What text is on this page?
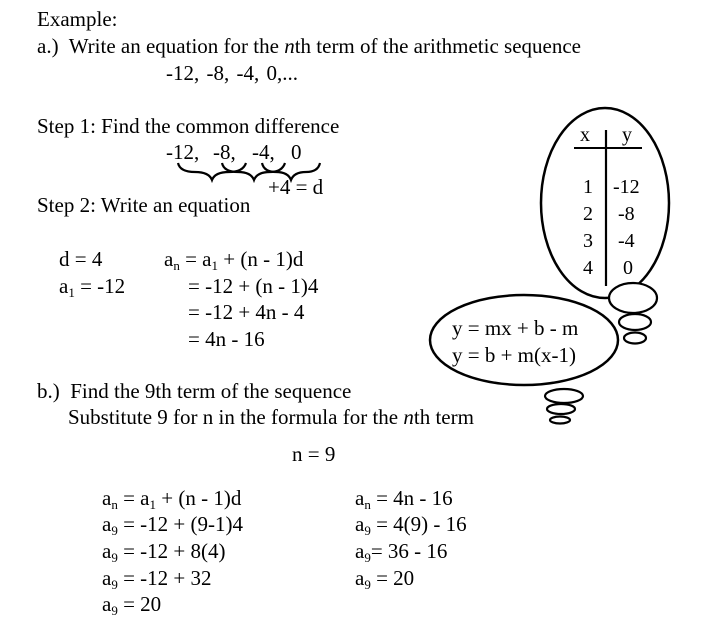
Example:
a.) Write an equation for the nth term of the arithmetic sequence
-12, -8, -4, 0,...
Step 1: Find the common difference
-12, -8, -4, 0
+4 = d
Step 2: Write an equation
d = 4
$a_1 = -12$
$a_n = a_1 + (n - 1)d$
= -12 + (n - 1)4
= -12 + 4n - 4
= 4n - 16
x y
1 -12
2 -8
3 -4
4 0
y = mx + b - m
y = b + m(x-1)
b.) Find the 9th term of the sequence
Substitute 9 for n in the formula for the nth term
n = 9
$a_n = a_1 + (n - 1)d$
$a_9 = -12 + (9-1)4$
$a_9 = -12 + 8(4)$
$a_9 = -12 + 32$
$a_9 = 20$
$a_n = 4n - 16$
$a_9 = 4(9) - 16$
$a_9= 36 - 16$
$a_9 = 20$
